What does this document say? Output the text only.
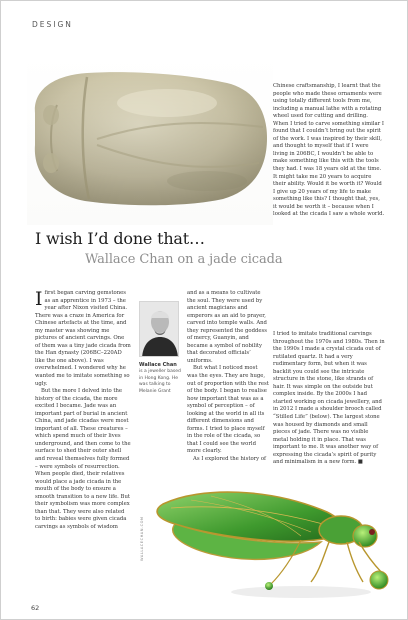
DESIGN

Chinese craftsmanship, I learnt that the people who made these ornaments were using totally different tools from me, including a manual lathe with a rotating wheel used for cutting and drilling. When I tried to carve something similar I found that I couldn’t bring out the spirit of the work. I was inspired by their skill, and thought to myself that if I were living in 206BC, I wouldn’t be able to make something like this with the tools they had. I was 18 years old at the time. It might take me 20 years to acquire their ability. Would it be worth it? Would I give up 20 years of my life to make something like this? I thought that, yes, it would be worth it – because when I looked at the cicada I saw a whole world.

I wish I’d done that…
Wallace Chan on a jade cicada

I first began carving gemstones as an apprentice in 1973 – the year after Nixon visited China. There was a craze in America for Chinese artefacts at the time, and my master was showing me pictures of ancient carvings. One of them was a tiny jade cicada from the Han dynasty (206BC–220AD like the one above). I was overwhelmed. I wondered why he wanted me to imitate something so ugly.

But the more I delved into the history of the cicada, the more excited I became. Jade was an important part of burial in ancient China, and jade cicadas were most important of all. These creatures – which spend much of their lives underground, and then come to the surface to shed their outer shell and reveal themselves fully formed – were symbols of resurrection. When people died, their relatives would place a jade cicada in the mouth of the body to ensure a smooth transition to a new life. But their symbolism was more complex than that. They were also related to birth: babies were given cicada carvings as symbols of wisdom

Wallace Chan
is a jeweller based in Hong Kong. He was talking to Melanie Grant

and as a means to cultivate the soul. They were used by ancient magicians and emperors as an aid to prayer, carved into temple walls. And they represented the goddess of mercy, Guanyin, and became a symbol of nobility that decorated officials’ uniforms.

But what I noticed most was the eyes. They are huge, out of proportion with the rest of the body. I began to realise how important that was as a symbol of perception – of looking at the world in all its different dimensions and forms. I tried to place myself in the role of the cicada, so that I could see the world more clearly.

As I explored the history of

I tried to imitate traditional carvings throughout the 1970s and 1980s. Then in the 1990s I made a crystal cicada out of rutilated quartz. It had a very rudimentary form, but when it was backlit you could see the intricate structure in the stone, like strands of hair. It was simple on the outside but complex inside. By the 2000s I had started working on cicada jewellery, and in 2012 I made a shoulder brooch called “Stilled Life” (below). The largest stone was housed by diamonds and small pieces of jade. There was no visible metal holding it in place. That was important to me. It was another way of expressing the cicada’s spirit of purity and minimalism in a new form. ■

WALLACECHAN.COM
62
